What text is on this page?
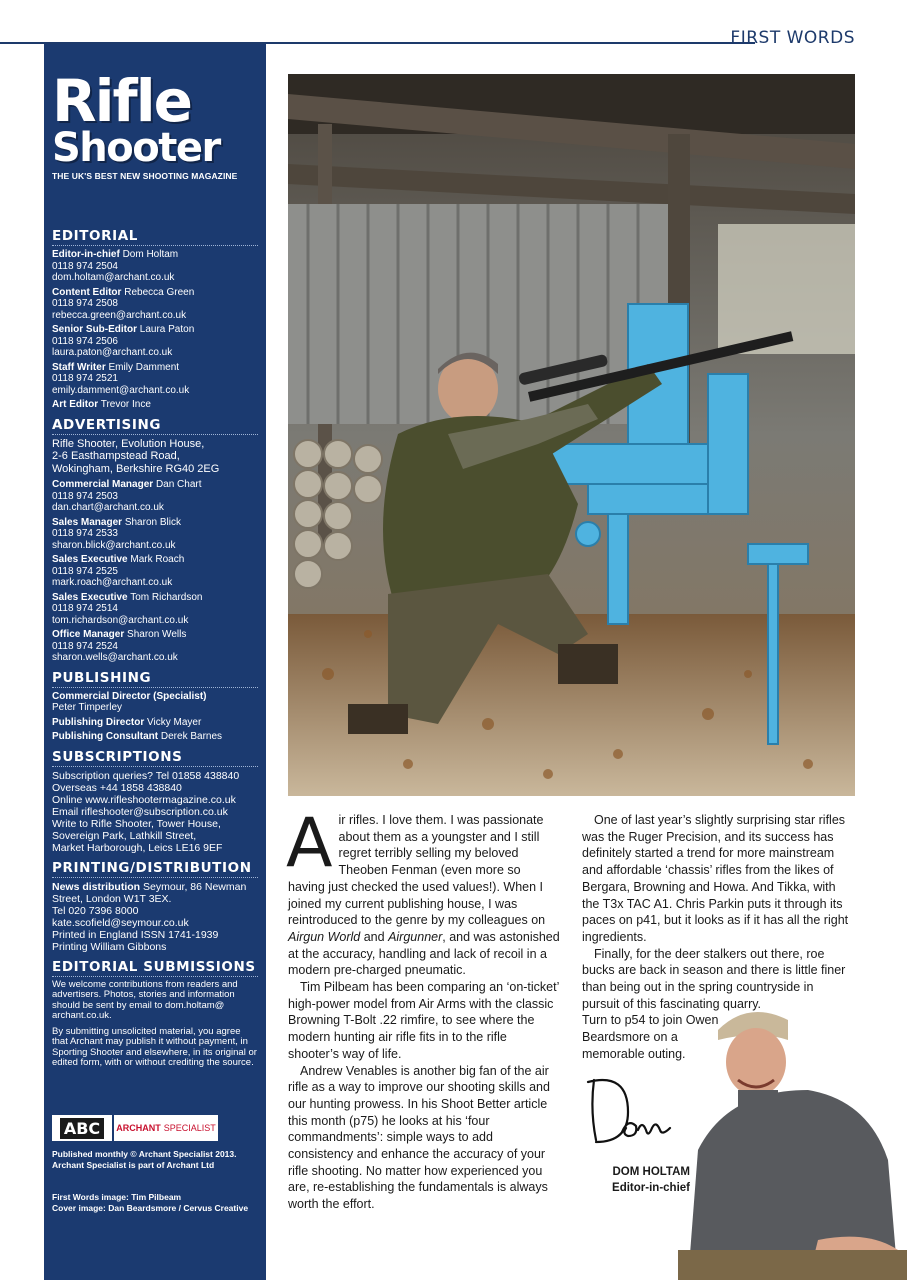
FIRST WORDS
Rifle
Shooter
THE UK'S BEST NEW SHOOTING MAGAZINE
EDITORIAL
Editor-in-chief Dom Holtam
0118 974 2504
dom.holtam@archant.co.uk
Content Editor Rebecca Green
0118 974 2508
rebecca.green@archant.co.uk
Senior Sub-Editor Laura Paton
0118 974 2506
laura.paton@archant.co.uk
Staff Writer Emily Damment
0118 974 2521
emily.damment@archant.co.uk
Art Editor Trevor Ince
ADVERTISING
Rifle Shooter, Evolution House,
2-6 Easthampstead Road,
Wokingham, Berkshire RG40 2EG
Commercial Manager Dan Chart
0118 974 2503
dan.chart@archant.co.uk
Sales Manager Sharon Blick
0118 974 2533
sharon.blick@archant.co.uk
Sales Executive Mark Roach
0118 974 2525
mark.roach@archant.co.uk
Sales Executive Tom Richardson
0118 974 2514
tom.richardson@archant.co.uk
Office Manager Sharon Wells
0118 974 2524
sharon.wells@archant.co.uk
PUBLISHING
Commercial Director (Specialist)
Peter Timperley
Publishing Director Vicky Mayer
Publishing Consultant Derek Barnes
SUBSCRIPTIONS
Subscription queries? Tel 01858 438840
Overseas +44 1858 438840
Online www.rifleshootermagazine.co.uk
Email rifleshooter@subscription.co.uk
Write to Rifle Shooter, Tower House,
Sovereign Park, Lathkill Street,
Market Harborough, Leics LE16 9EF
PRINTING/DISTRIBUTION
News distribution Seymour, 86 Newman
Street, London W1T 3EX.
Tel 020 7396 8000
kate.scofield@seymour.co.uk
Printed in England ISSN 1741-1939
Printing William Gibbons
EDITORIAL SUBMISSIONS
We welcome contributions from readers and advertisers. Photos, stories and information should be sent by email to dom.holtam@ archant.co.uk.
By submitting unsolicited material, you agree that Archant may publish it without payment, in Sporting Shooter and elsewhere, in its original or edited form, with or without crediting the source.
ABC	ARCHANT SPECIALIST
Published monthly © Archant Specialist 2013.
Archant Specialist is part of Archant Ltd
First Words image: Tim Pilbeam
Cover image: Dan Beardsmore / Cervus Creative

Air rifles. I love them. I was passionate about them as a youngster and I still regret terribly selling my beloved Theoben Fenman (even more so having just checked the used values!). When I joined my current publishing house, I was reintroduced to the genre by my colleagues on Airgun World and Airgunner, and was astonished at the accuracy, handling and lack of recoil in a modern pre-charged pneumatic.

Tim Pilbeam has been comparing an ‘on-ticket’ high-power model from Air Arms with the classic Browning T-Bolt .22 rimfire, to see where the modern hunting air rifle fits in to the rifle shooter’s way of life.

Andrew Venables is another big fan of the air rifle as a way to improve our shooting skills and our hunting prowess. In his Shoot Better article this month (p75) he looks at his ‘four commandments’: simple ways to add consistency and enhance the accuracy of your rifle shooting. No matter how experienced you are, re-establishing the fundamentals is always worth the effort.

One of last year’s slightly surprising star rifles was the Ruger Precision, and its success has definitely started a trend for more mainstream and affordable ‘chassis’ rifles from the likes of Bergara, Browning and Howa. And Tikka, with the T3x TAC A1. Chris Parkin puts it through its paces on p41, but it looks as if it has all the right ingredients.

Finally, for the deer stalkers out there, roe bucks are back in season and there is little finer than being out in the spring countryside in pursuit of this fascinating quarry.

Turn to p54 to join Owen
Beardsmore on a
memorable outing.

DOM HOLTAM
Editor-in-chief
